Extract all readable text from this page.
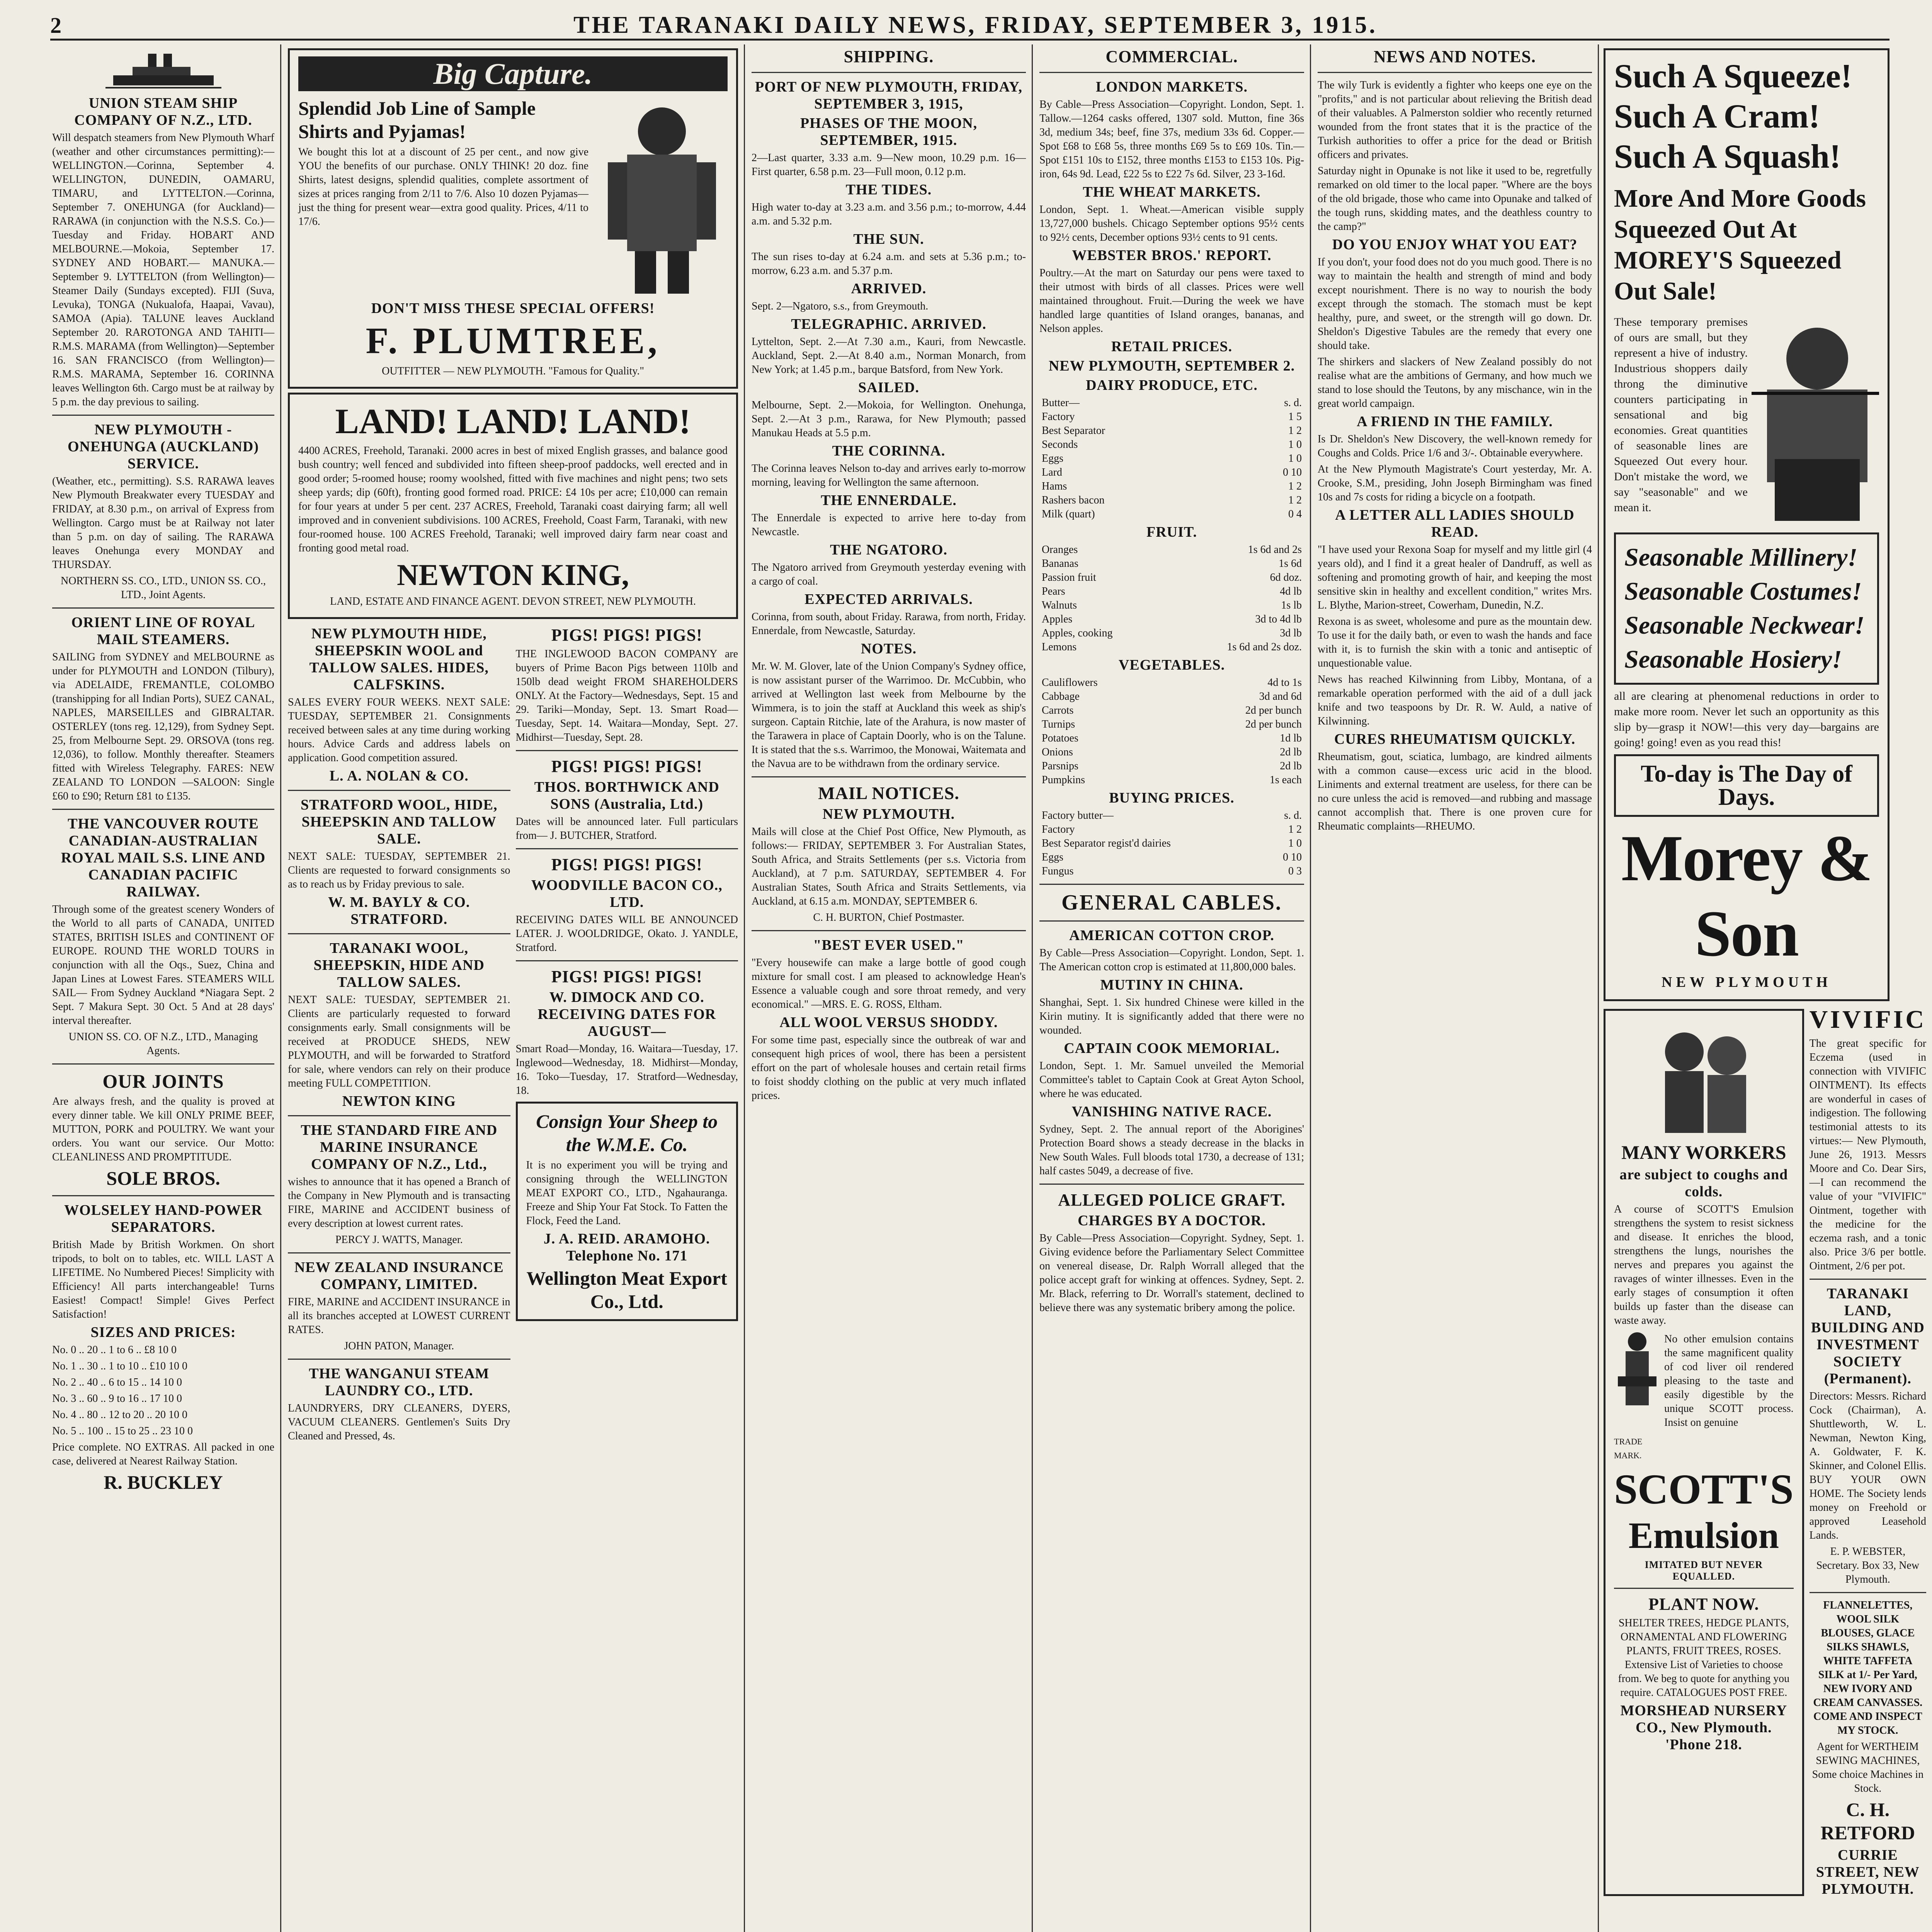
2	THE TARANAKI DAILY NEWS, FRIDAY, SEPTEMBER 3, 1915.
UNION STEAM SHIP COMPANY OF N.Z., LTD.
Will despatch steamers from New Plymouth Wharf (weather and other circumstances permitting):— WELLINGTON.—Corinna, September 4. WELLINGTON, DUNEDIN, OAMARU, TIMARU, and LYTTELTON.—Corinna, September 7. ONEHUNGA (for Auckland)— RARAWA (in conjunction with the N.S.S. Co.)—Tuesday and Friday. HOBART AND MELBOURNE.—Mokoia, September 17. SYDNEY AND HOBART.— MANUKA.—September 9. LYTTELTON (from Wellington)—Steamer Daily (Sundays excepted). FIJI (Suva, Levuka), TONGA (Nukualofa, Haapai, Vavau), SAMOA (Apia). TALUNE leaves Auckland September 20. RAROTONGA AND TAHITI— R.M.S. MARAMA (from Wellington)—September 16. SAN FRANCISCO (from Wellington)—R.M.S. MARAMA, September 16. CORINNA leaves Wellington 6th. Cargo must be at railway by 5 p.m. the day previous to sailing.
NEW PLYMOUTH - ONEHUNGA (AUCKLAND) SERVICE.
(Weather, etc., permitting). S.S. RARAWA leaves New Plymouth Breakwater every TUESDAY and FRIDAY, at 8.30 p.m., on arrival of Express from Wellington. Cargo must be at Railway not later than 5 p.m. on day of sailing. The RARAWA leaves Onehunga every MONDAY and THURSDAY.
NORTHERN SS. CO., LTD., UNION SS. CO., LTD., Joint Agents.
ORIENT LINE OF ROYAL MAIL STEAMERS.
SAILING from SYDNEY and MELBOURNE as under for PLYMOUTH and LONDON (Tilbury), via ADELAIDE, FREMANTLE, COLOMBO (transhipping for all Indian Ports), SUEZ CANAL, NAPLES, MARSEILLES and GIBRALTAR. OSTERLEY (tons reg. 12,129), from Sydney Sept. 25, from Melbourne Sept. 29. ORSOVA (tons reg. 12,036), to follow. Monthly thereafter. Steamers fitted with Wireless Telegraphy. FARES: NEW ZEALAND TO LONDON —SALOON: Single £60 to £90; Return £81 to £135.
THE VANCOUVER ROUTE CANADIAN-AUSTRALIAN ROYAL MAIL S.S. LINE AND CANADIAN PACIFIC RAILWAY.
Through some of the greatest scenery Wonders of the World to all parts of CANADA, UNITED STATES, BRITISH ISLES and CONTINENT OF EUROPE. ROUND THE WORLD TOURS in conjunction with all the Oqs., Suez, China and Japan Lines at Lowest Fares. STEAMERS WILL SAIL— From Sydney Auckland *Niagara Sept. 2 Sept. 7 Makura Sept. 30 Oct. 5 And at 28 days' interval thereafter.
UNION SS. CO. OF N.Z., LTD., Managing Agents.
OUR JOINTS
Are always fresh, and the quality is proved at every dinner table. We kill ONLY PRIME BEEF, MUTTON, PORK and POULTRY. We want your orders. You want our service. Our Motto: CLEANLINESS AND PROMPTITUDE.
SOLE BROS.
WOLSELEY HAND-POWER SEPARATORS.
British Made by British Workmen. On short tripods, to bolt on to tables, etc. WILL LAST A LIFETIME. No Numbered Pieces! Simplicity with Efficiency! All parts interchangeable! Turns Easiest! Compact! Simple! Gives Perfect Satisfaction!
SIZES AND PRICES:
No. 0 .. 20 .. 1 to 6 .. £8 10 0
No. 1 .. 30 .. 1 to 10 .. £10 10 0
No. 2 .. 40 .. 6 to 15 .. 14 10 0
No. 3 .. 60 .. 9 to 16 .. 17 10 0
No. 4 .. 80 .. 12 to 20 .. 20 10 0
No. 5 .. 100 .. 15 to 25 .. 23 10 0
Price complete. NO EXTRAS. All packed in one case, delivered at Nearest Railway Station.
R. BUCKLEY
Big Capture.
Splendid Job Line of Sample Shirts and Pyjamas!
We bought this lot at a discount of 25 per cent., and now give YOU the benefits of our purchase. ONLY THINK! 20 doz. fine Shirts, latest designs, splendid qualities, complete assortment of sizes at prices ranging from 2/11 to 7/6. Also 10 dozen Pyjamas—just the thing for present wear—extra good quality. Prices, 4/11 to 17/6.
DON'T MISS THESE SPECIAL OFFERS!
F. PLUMTREE,
OUTFITTER — NEW PLYMOUTH. "Famous for Quality."
LAND! LAND! LAND!
4400 ACRES, Freehold, Taranaki. 2000 acres in best of mixed English grasses, and balance good bush country; well fenced and subdivided into fifteen sheep-proof paddocks, well erected and in good order; 5-roomed house; roomy woolshed, fitted with five machines and night pens; two sets sheep yards; dip (60ft), fronting good formed road. PRICE: £4 10s per acre; £10,000 can remain for four years at under 5 per cent. 237 ACRES, Freehold, Taranaki coast dairying farm; all well improved and in convenient subdivisions. 100 ACRES, Freehold, Coast Farm, Taranaki, with new four-roomed house. 100 ACRES Freehold, Taranaki; well improved dairy farm near coast and fronting good metal road.
NEWTON KING,
LAND, ESTATE AND FINANCE AGENT. DEVON STREET, NEW PLYMOUTH.
NEW PLYMOUTH HIDE, SHEEPSKIN WOOL and TALLOW SALES. HIDES, CALFSKINS.
SALES EVERY FOUR WEEKS. NEXT SALE: TUESDAY, SEPTEMBER 21. Consignments received between sales at any time during working hours. Advice Cards and address labels on application. Good competition assured.
L. A. NOLAN & CO.
STRATFORD WOOL, HIDE, SHEEPSKIN AND TALLOW SALE.
NEXT SALE: TUESDAY, SEPTEMBER 21. Clients are requested to forward consignments so as to reach us by Friday previous to sale.
W. M. BAYLY & CO. STRATFORD.
TARANAKI WOOL, SHEEPSKIN, HIDE AND TALLOW SALES.
NEXT SALE: TUESDAY, SEPTEMBER 21. Clients are particularly requested to forward consignments early. Small consignments will be received at PRODUCE SHEDS, NEW PLYMOUTH, and will be forwarded to Stratford for sale, where vendors can rely on their produce meeting FULL COMPETITION.
NEWTON KING
THE STANDARD FIRE AND MARINE INSURANCE COMPANY OF N.Z., Ltd.,
wishes to announce that it has opened a Branch of the Company in New Plymouth and is transacting FIRE, MARINE and ACCIDENT business of every description at lowest current rates.
PERCY J. WATTS, Manager.
NEW ZEALAND INSURANCE COMPANY, LIMITED.
FIRE, MARINE and ACCIDENT INSURANCE in all its branches accepted at LOWEST CURRENT RATES.
JOHN PATON, Manager.
THE WANGANUI STEAM LAUNDRY CO., LTD.
LAUNDRYERS, DRY CLEANERS, DYERS, VACUUM CLEANERS. Gentlemen's Suits Dry Cleaned and Pressed, 4s.
PIGS! PIGS! PIGS!
THE INGLEWOOD BACON COMPANY are buyers of Prime Bacon Pigs between 110lb and 150lb dead weight FROM SHAREHOLDERS ONLY. At the Factory—Wednesdays, Sept. 15 and 29. Tariki—Monday, Sept. 13. Smart Road—Tuesday, Sept. 14. Waitara—Monday, Sept. 27. Midhirst—Tuesday, Sept. 28.
PIGS! PIGS! PIGS!
THOS. BORTHWICK AND SONS (Australia, Ltd.)
Dates will be announced later. Full particulars from— J. BUTCHER, Stratford.
PIGS! PIGS! PIGS!
WOODVILLE BACON CO., LTD.
RECEIVING DATES WILL BE ANNOUNCED LATER. J. WOOLDRIDGE, Okato. J. YANDLE, Stratford.
PIGS! PIGS! PIGS!
W. DIMOCK AND CO. RECEIVING DATES FOR AUGUST—
Smart Road—Monday, 16. Waitara—Tuesday, 17. Inglewood—Wednesday, 18. Midhirst—Monday, 16. Toko—Tuesday, 17. Stratford—Wednesday, 18.
Consign Your Sheep to the W.M.E. Co.
It is no experiment you will be trying and consigning through the WELLINGTON MEAT EXPORT CO., LTD., Ngahauranga. Freeze and Ship Your Fat Stock. To Fatten the Flock, Feed the Land.
J. A. REID. ARAMOHO. Telephone No. 171
Wellington Meat Export Co., Ltd.
SHIPPING.
PORT OF NEW PLYMOUTH, FRIDAY, SEPTEMBER 3, 1915,
PHASES OF THE MOON, SEPTEMBER, 1915.
2—Last quarter, 3.33 a.m. 9—New moon, 10.29 p.m. 16—First quarter, 6.58 p.m. 23—Full moon, 0.12 p.m.
THE TIDES.
High water to-day at 3.23 a.m. and 3.56 p.m.; to-morrow, 4.44 a.m. and 5.32 p.m.
THE SUN.
The sun rises to-day at 6.24 a.m. and sets at 5.36 p.m.; to-morrow, 6.23 a.m. and 5.37 p.m.
ARRIVED.
Sept. 2—Ngatoro, s.s., from Greymouth.
TELEGRAPHIC. ARRIVED.
Lyttelton, Sept. 2.—At 7.30 a.m., Kauri, from Newcastle. Auckland, Sept. 2.—At 8.40 a.m., Norman Monarch, from New York; at 1.45 p.m., barque Batsford, from New York.
SAILED.
Melbourne, Sept. 2.—Mokoia, for Wellington. Onehunga, Sept. 2.—At 3 p.m., Rarawa, for New Plymouth; passed Manukau Heads at 5.5 p.m.
THE CORINNA.
The Corinna leaves Nelson to-day and arrives early to-morrow morning, leaving for Wellington the same afternoon.
THE ENNERDALE.
The Ennerdale is expected to arrive here to-day from Newcastle.
THE NGATORO.
The Ngatoro arrived from Greymouth yesterday evening with a cargo of coal.
EXPECTED ARRIVALS.
Corinna, from south, about Friday. Rarawa, from north, Friday. Ennerdale, from Newcastle, Saturday.
NOTES.
Mr. W. M. Glover, late of the Union Company's Sydney office, is now assistant purser of the Warrimoo. Dr. McCubbin, who arrived at Wellington last week from Melbourne by the Wimmera, is to join the staff at Auckland this week as ship's surgeon. Captain Ritchie, late of the Arahura, is now master of the Tarawera in place of Captain Doorly, who is on the Talune. It is stated that the s.s. Warrimoo, the Monowai, Waitemata and the Navua are to be withdrawn from the ordinary service.
MAIL NOTICES.
NEW PLYMOUTH.
Mails will close at the Chief Post Office, New Plymouth, as follows:— FRIDAY, SEPTEMBER 3. For Australian States, South Africa, and Straits Settlements (per s.s. Victoria from Auckland), at 7 p.m. SATURDAY, SEPTEMBER 4. For Australian States, South Africa and Straits Settlements, via Auckland, at 6.15 a.m. MONDAY, SEPTEMBER 6.
C. H. BURTON, Chief Postmaster.
"BEST EVER USED."
"Every housewife can make a large bottle of good cough mixture for small cost. I am pleased to acknowledge Hean's Essence a valuable cough and sore throat remedy, and very economical." —MRS. E. G. ROSS, Eltham.
ALL WOOL VERSUS SHODDY.
For some time past, especially since the outbreak of war and consequent high prices of wool, there has been a persistent effort on the part of wholesale houses and certain retail firms to foist shoddy clothing on the public at very much inflated prices.
COMMERCIAL.
LONDON MARKETS.
By Cable—Press Association—Copyright. London, Sept. 1. Tallow.—1264 casks offered, 1307 sold. Mutton, fine 36s 3d, medium 34s; beef, fine 37s, medium 33s 6d. Copper.—Spot £68 to £68 5s, three months £69 5s to £69 10s. Tin.—Spot £151 10s to £152, three months £153 to £153 10s. Pig-iron, 64s 9d. Lead, £22 5s to £22 7s 6d. Silver, 23 3-16d.
THE WHEAT MARKETS.
London, Sept. 1. Wheat.—American visible supply 13,727,000 bushels. Chicago September options 95½ cents to 92½ cents, December options 93½ cents to 91 cents.
WEBSTER BROS.' REPORT.
Poultry.—At the mart on Saturday our pens were taxed to their utmost with birds of all classes. Prices were well maintained throughout. Fruit.—During the week we have handled large quantities of Island oranges, bananas, and Nelson apples.
RETAIL PRICES.
NEW PLYMOUTH, SEPTEMBER 2.
DAIRY PRODUCE, ETC.
Butter—	s. d.
Factory	1 5
Best Separator	1 2
Seconds	1 0
Eggs	1 0
Lard	0 10
Hams	1 2
Rashers bacon	1 2
Milk (quart)	0 4
FRUIT.
Oranges	1s 6d and 2s
Bananas	1s 6d
Passion fruit	6d doz.
Pears	4d lb
Walnuts	1s lb
Apples	3d to 4d lb
Apples, cooking	3d lb
Lemons	1s 6d and 2s doz.
VEGETABLES.
Cauliflowers	4d to 1s
Cabbage	3d and 6d
Carrots	2d per bunch
Turnips	2d per bunch
Potatoes	1d lb
Onions	2d lb
Parsnips	2d lb
Pumpkins	1s each
BUYING PRICES.
Factory butter—	s. d.
Factory	1 2
Best Separator regist'd dairies	1 0
Eggs	0 10
Fungus	0 3
GENERAL CABLES.
AMERICAN COTTON CROP.
By Cable—Press Association—Copyright. London, Sept. 1. The American cotton crop is estimated at 11,800,000 bales.
MUTINY IN CHINA.
Shanghai, Sept. 1. Six hundred Chinese were killed in the Kirin mutiny. It is significantly added that there were no wounded.
CAPTAIN COOK MEMORIAL.
London, Sept. 1. Mr. Samuel unveiled the Memorial Committee's tablet to Captain Cook at Great Ayton School, where he was educated.
VANISHING NATIVE RACE.
Sydney, Sept. 2. The annual report of the Aborigines' Protection Board shows a steady decrease in the blacks in New South Wales. Full bloods total 1730, a decrease of 131; half castes 5049, a decrease of five.
ALLEGED POLICE GRAFT.
CHARGES BY A DOCTOR.
By Cable—Press Association—Copyright. Sydney, Sept. 1. Giving evidence before the Parliamentary Select Committee on venereal disease, Dr. Ralph Worrall alleged that the police accept graft for winking at offences. Sydney, Sept. 2. Mr. Black, referring to Dr. Worrall's statement, declined to believe there was any systematic bribery among the police.
NEWS AND NOTES.
The wily Turk is evidently a fighter who keeps one eye on the "profits," and is not particular about relieving the British dead of their valuables. A Palmerston soldier who recently returned wounded from the front states that it is the practice of the Turkish authorities to offer a price for the dead or British officers and privates.
Saturday night in Opunake is not like it used to be, regretfully remarked on old timer to the local paper. "Where are the boys of the old brigade, those who came into Opunake and talked of the tough runs, skidding mates, and the deathless country to the camp?"
DO YOU ENJOY WHAT YOU EAT?
If you don't, your food does not do you much good. There is no way to maintain the health and strength of mind and body except nourishment. There is no way to nourish the body except through the stomach. The stomach must be kept healthy, pure, and sweet, or the strength will go down. Dr. Sheldon's Digestive Tabules are the remedy that every one should take.
The shirkers and slackers of New Zealand possibly do not realise what are the ambitions of Germany, and how much we stand to lose should the Teutons, by any mischance, win in the great world campaign.
A FRIEND IN THE FAMILY.
Is Dr. Sheldon's New Discovery, the well-known remedy for Coughs and Colds. Price 1/6 and 3/-. Obtainable everywhere.
At the New Plymouth Magistrate's Court yesterday, Mr. A. Crooke, S.M., presiding, John Joseph Birmingham was fined 10s and 7s costs for riding a bicycle on a footpath.
A LETTER ALL LADIES SHOULD READ.
"I have used your Rexona Soap for myself and my little girl (4 years old), and I find it a great healer of Dandruff, as well as softening and promoting growth of hair, and keeping the most sensitive skin in healthy and excellent condition," writes Mrs. L. Blythe, Marion-street, Cowerham, Dunedin, N.Z.
Rexona is as sweet, wholesome and pure as the mountain dew. To use it for the daily bath, or even to wash the hands and face with it, is to furnish the skin with a tonic and antiseptic of unquestionable value.
News has reached Kilwinning from Libby, Montana, of a remarkable operation performed with the aid of a dull jack knife and two teaspoons by Dr. R. W. Auld, a native of Kilwinning.
CURES RHEUMATISM QUICKLY.
Rheumatism, gout, sciatica, lumbago, are kindred ailments with a common cause—excess uric acid in the blood. Liniments and external treatment are useless, for there can be no cure unless the acid is removed—and rubbing and massage cannot accomplish that. There is one proven cure for Rheumatic complaints—RHEUMO.
Such A Squeeze!
Such A Cram!
Such A Squash!
More And More Goods Squeezed Out At MOREY'S Squeezed Out Sale!
These temporary premises of ours are small, but they represent a hive of industry. Industrious shoppers daily throng the diminutive counters participating in sensational and big economies. Great quantities of seasonable lines are Squeezed Out every hour. Don't mistake the word, we say "seasonable" and we mean it.
Seasonable Millinery!
Seasonable Costumes!
Seasonable Neckwear!
Seasonable Hosiery!
all are clearing at phenomenal reductions in order to make more room. Never let such an opportunity as this slip by—grasp it NOW!—this very day—bargains are going! going! even as you read this!
To-day is The Day of Days.
Morey & Son
NEW PLYMOUTH
MANY WORKERS
are subject to coughs and colds.
A course of SCOTT'S Emulsion strengthens the system to resist sickness and disease. It enriches the blood, strengthens the lungs, nourishes the nerves and prepares you against the ravages of winter illnesses. Even in the early stages of consumption it often builds up faster than the disease can waste away.
TRADE MARK.
No other emulsion contains the same magnificent quality of cod liver oil rendered pleasing to the taste and easily digestible by the unique SCOTT process. Insist on genuine
SCOTT'S
Emulsion
IMITATED BUT NEVER EQUALLED.
PLANT NOW.
SHELTER TREES, HEDGE PLANTS, ORNAMENTAL AND FLOWERING PLANTS, FRUIT TREES, ROSES. Extensive List of Varieties to choose from. We beg to quote for anything you require. CATALOGUES POST FREE.
MORSHEAD NURSERY CO., New Plymouth. 'Phone 218.
VIVIFIC
The great specific for Eczema (used in connection with VIVIFIC OINTMENT). Its effects are wonderful in cases of indigestion. The following testimonial attests to its virtues:— New Plymouth, June 26, 1913. Messrs Moore and Co. Dear Sirs,—I can recommend the value of your "VIVIFIC" Ointment, together with the medicine for the eczema rash, and a tonic also. Price 3/6 per bottle. Ointment, 2/6 per pot.
TARANAKI LAND, BUILDING AND INVESTMENT SOCIETY (Permanent).
Directors: Messrs. Richard Cock (Chairman), A. Shuttleworth, W. L. Newman, Newton King, A. Goldwater, F. K. Skinner, and Colonel Ellis. BUY YOUR OWN HOME. The Society lends money on Freehold or approved Leasehold Lands.
E. P. WEBSTER, Secretary. Box 33, New Plymouth.
FLANNELETTES, WOOL SILK BLOUSES, GLACE SILKS SHAWLS, WHITE TAFFETA SILK at 1/- Per Yard, NEW IVORY AND CREAM CANVASSES. COME AND INSPECT MY STOCK.
Agent for WERTHEIM SEWING MACHINES, Some choice Machines in Stock.
C. H. RETFORD
CURRIE STREET, NEW PLYMOUTH.
